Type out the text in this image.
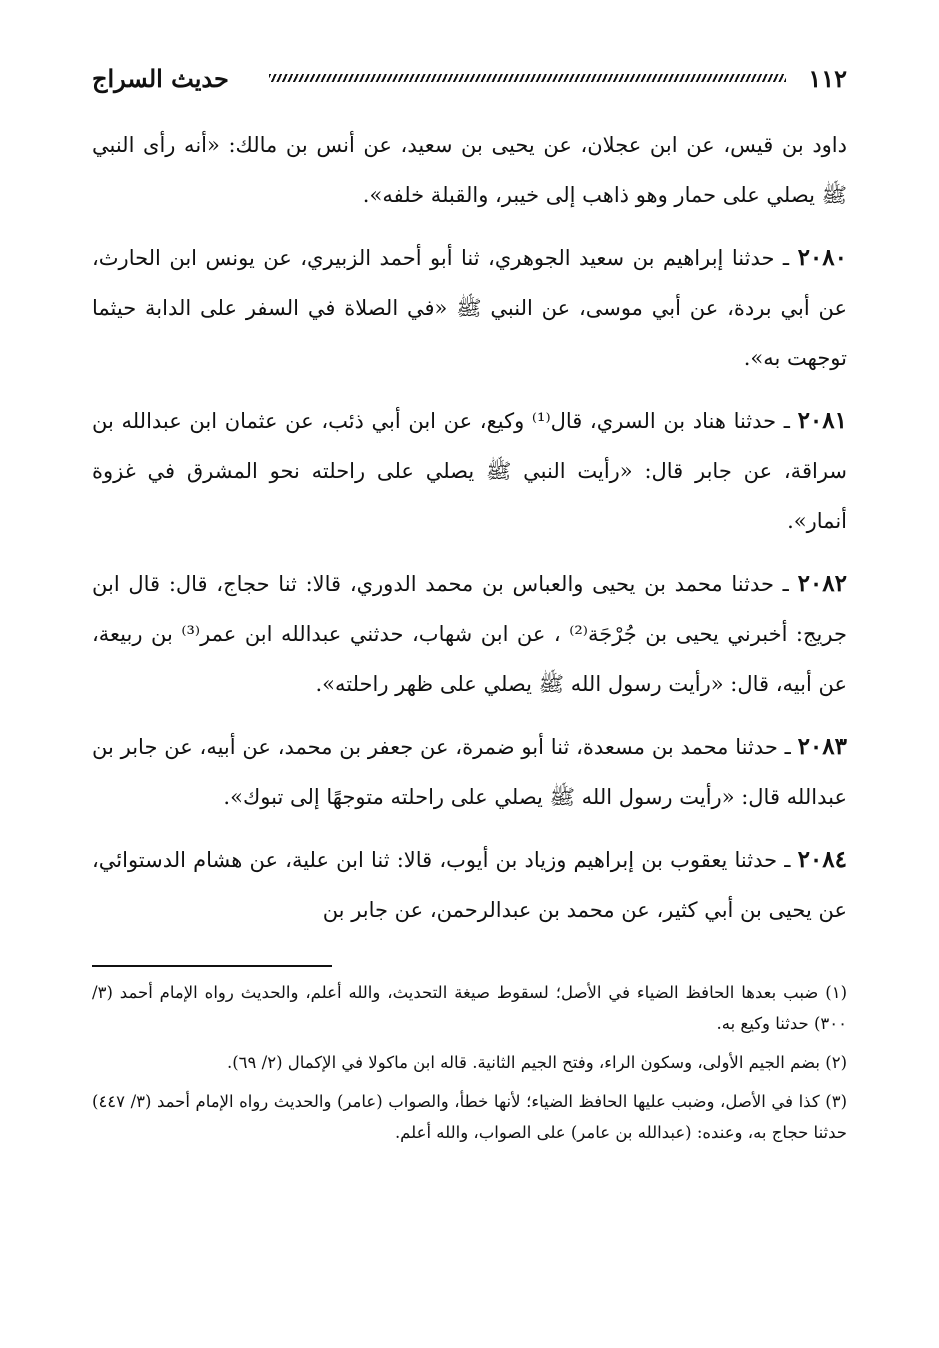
١١٢
حديث السراج

داود بن قيس، عن ابن عجلان، عن يحيى بن سعيد، عن أنس بن مالك: «أنه رأى النبي ﷺ يصلي على حمار وهو ذاهب إلى خيبر، والقبلة خلفه».

٢٠٨٠ ـ حدثنا إبراهيم بن سعيد الجوهري، ثنا أبو أحمد الزبيري، عن يونس ابن الحارث، عن أبي بردة، عن أبي موسى، عن النبي ﷺ «في الصلاة في السفر على الدابة حيثما توجهت به».

٢٠٨١ ـ حدثنا هناد بن السري، قال⁽¹⁾ وكيع، عن ابن أبي ذئب، عن عثمان ابن عبدالله بن سراقة، عن جابر قال: «رأيت النبي ﷺ يصلي على راحلته نحو المشرق في غزوة أنمار».

٢٠٨٢ ـ حدثنا محمد بن يحيى والعباس بن محمد الدوري، قالا: ثنا حجاج، قال: قال ابن جريج: أخبرني يحيى بن جُرْجَة⁽²⁾ ، عن ابن شهاب، حدثني عبدالله ابن عمر⁽³⁾ بن ربيعة، عن أبيه، قال: «رأيت رسول الله ﷺ يصلي على ظهر راحلته».

٢٠٨٣ ـ حدثنا محمد بن مسعدة، ثنا أبو ضمرة، عن جعفر بن محمد، عن أبيه، عن جابر بن عبدالله قال: «رأيت رسول الله ﷺ يصلي على راحلته متوجهًا إلى تبوك».

٢٠٨٤ ـ حدثنا يعقوب بن إبراهيم وزياد بن أيوب، قالا: ثنا ابن علية، عن هشام الدستوائي، عن يحيى بن أبي كثير، عن محمد بن عبدالرحمن، عن جابر بن

(١) ضبب بعدها الحافظ الضياء في الأصل؛ لسقوط صيغة التحديث، والله أعلم، والحديث رواه الإمام أحمد (٣/ ٣٠٠) حدثنا وكيع به.

(٢) بضم الجيم الأولى، وسكون الراء، وفتح الجيم الثانية. قاله ابن ماكولا في الإكمال (٢/ ٦٩).

(٣) كذا في الأصل، وضبب عليها الحافظ الضياء؛ لأنها خطأ، والصواب (عامر) والحديث رواه الإمام أحمد (٣/ ٤٤٧) حدثنا حجاج به، وعنده: (عبدالله بن عامر) على الصواب، والله أعلم.
